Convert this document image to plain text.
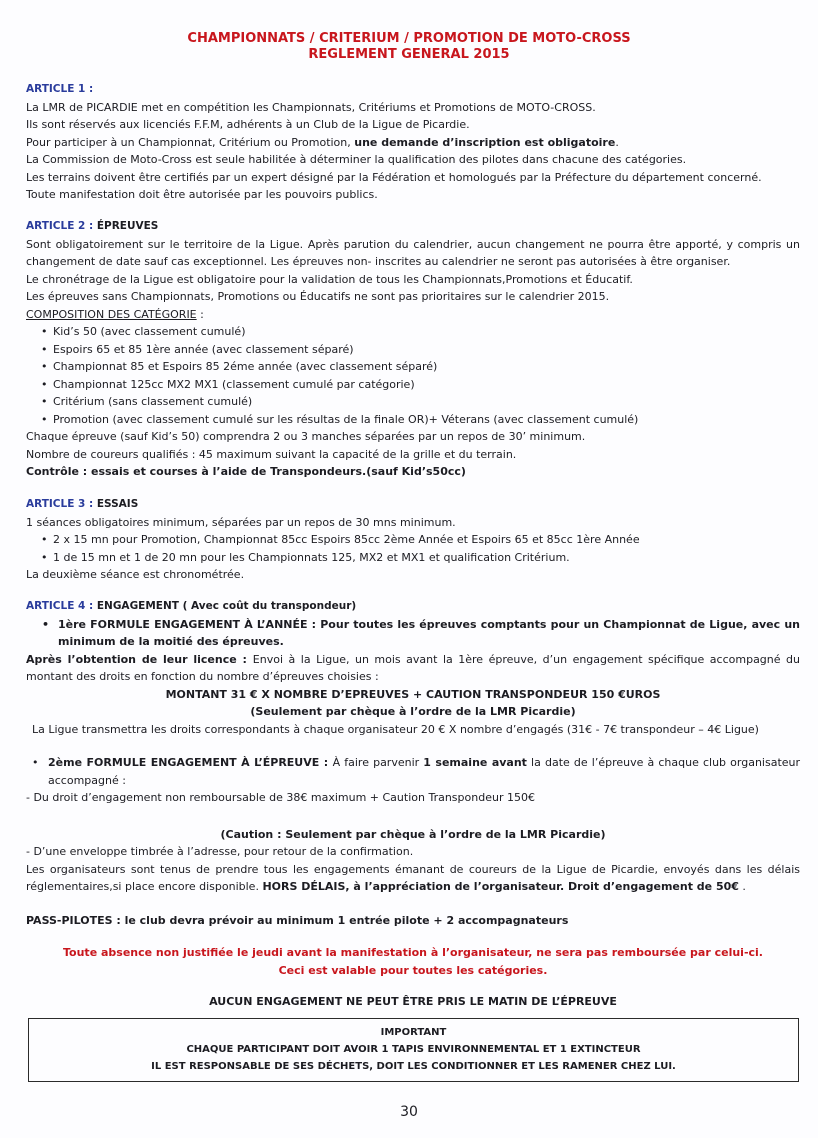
CHAMPIONNATS / CRITERIUM / PROMOTION DE MOTO-CROSS

REGLEMENT GENERAL 2015

ARTICLE 1 :

La LMR de PICARDIE met en compétition les Championnats, Critériums et Promotions de MOTO-CROSS.

Ils sont réservés aux licenciés F.F.M, adhérents à un Club de la Ligue de Picardie.

Pour participer à un Championnat, Critérium ou Promotion, une demande d’inscription est obligatoire.

La Commission de Moto-Cross est seule habilitée à déterminer la qualification des pilotes dans chacune des catégories.

Les terrains doivent être certifiés par un expert désigné par la Fédération et homologués par la Préfecture du département concerné.

Toute manifestation doit être autorisée par les pouvoirs publics.

ARTICLE 2 : ÉPREUVES

Sont obligatoirement sur le territoire de la Ligue. Après parution du calendrier, aucun changement ne pourra être apporté, y compris un changement de date sauf cas exceptionnel. Les épreuves non- inscrites au calendrier ne seront pas autorisées à être organiser.

Le chronétrage de la Ligue est obligatoire pour la validation de tous les Championnats,Promotions et Éducatif.

Les épreuves sans Championnats, Promotions ou Éducatifs ne sont pas prioritaires sur le calendrier 2015.

COMPOSITION DES CATÉGORIE :

• Kid’s 50 (avec classement cumulé)
• Espoirs 65 et 85 1ère année (avec classement séparé)
• Championnat 85 et Espoirs 85 2éme année (avec classement séparé)
• Championnat 125cc MX2 MX1 (classement cumulé par catégorie)
• Critérium (sans classement cumulé)
• Promotion (avec classement cumulé sur les résultas de la finale OR)+ Véterans (avec classement cumulé)

Chaque épreuve (sauf Kid’s 50) comprendra 2 ou 3 manches séparées par un repos de 30’ minimum.

Nombre de coureurs qualifiés : 45 maximum suivant la capacité de la grille et du terrain.

Contrôle : essais et courses à l’aide de Transpondeurs.(sauf Kid’s50cc)

ARTICLE 3 : ESSAIS

1 séances obligatoires minimum, séparées par un repos de 30 mns minimum.

• 2 x 15 mn pour Promotion, Championnat 85cc Espoirs 85cc 2ème Année et Espoirs 65 et 85cc 1ère Année
• 1 de 15 mn et 1 de 20 mn pour les Championnats 125, MX2 et MX1 et qualification Critérium.

La deuxième séance est chronométrée.

ARTICLE 4 : ENGAGEMENT ( Avec coût du transpondeur)

• 1ère FORMULE ENGAGEMENT À L’ANNÉE : Pour toutes les épreuves comptants pour un Championnat de Ligue, avec un minimum de la moitié des épreuves.

Après l’obtention de leur licence : Envoi à la Ligue, un mois avant la 1ère épreuve, d’un engagement spécifique accompagné du montant des droits en fonction du nombre d’épreuves choisies :

MONTANT 31 € X NOMBRE D’EPREUVES + CAUTION TRANSPONDEUR 150 €UROS

(Seulement par chèque à l’ordre de la LMR Picardie)

La Ligue transmettra les droits correspondants à chaque organisateur 20 € X nombre d’engagés (31€ - 7€ transpondeur – 4€ Ligue)

• 2ème FORMULE ENGAGEMENT À L’ÉPREUVE : À faire parvenir 1 semaine avant la date de l’épreuve à chaque club organisateur accompagné :

- Du droit d’engagement non remboursable de 38€ maximum + Caution Transpondeur 150€

(Caution : Seulement par chèque à l’ordre de la LMR Picardie)

- D’une enveloppe timbrée à l’adresse, pour retour de la confirmation.

Les organisateurs sont tenus de prendre tous les engagements émanant de coureurs de la Ligue de Picardie, envoyés dans les délais réglementaires,si place encore disponible. HORS DÉLAIS, à l’appréciation de l’organisateur. Droit d’engagement de 50€ .

PASS-PILOTES : le club devra prévoir au minimum 1 entrée pilote + 2 accompagnateurs

Toute absence non justifiée le jeudi avant la manifestation à l’organisateur, ne sera pas remboursée par celui-ci.

Ceci est valable pour toutes les catégories.

AUCUN ENGAGEMENT NE PEUT ÊTRE PRIS LE MATIN DE L’ÉPREUVE

IMPORTANT
CHAQUE PARTICIPANT DOIT AVOIR 1 TAPIS ENVIRONNEMENTAL ET 1 EXTINCTEUR
IL EST RESPONSABLE DE SES DÉCHETS, DOIT LES CONDITIONNER ET LES RAMENER CHEZ LUI.
30
